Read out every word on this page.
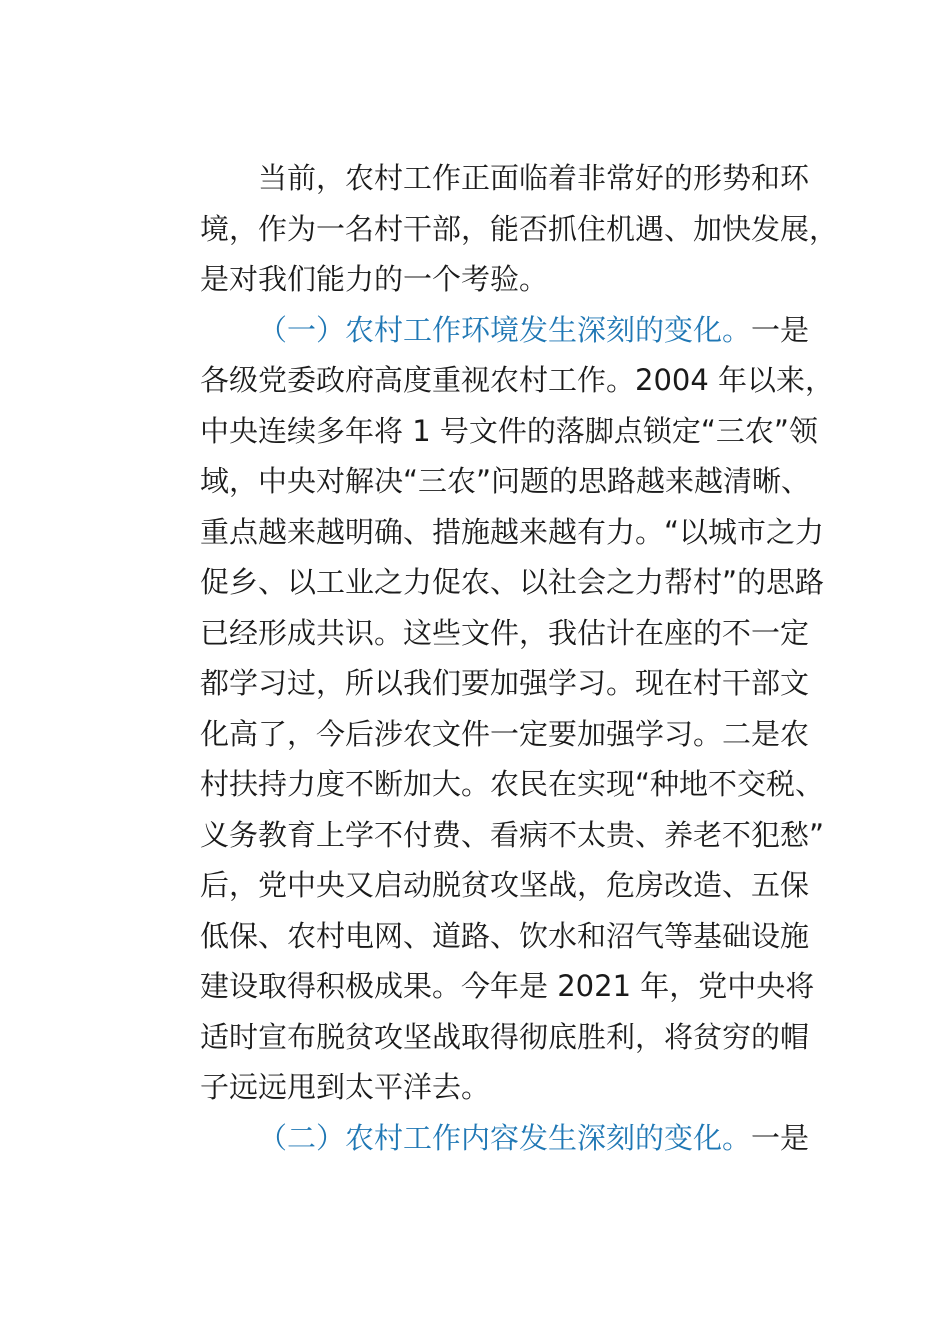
当前，农村工作正面临着非常好的形势和环
境，作为一名村干部，能否抓住机遇、加快发展，
是对我们能力的一个考验。
（一）农村工作环境发生深刻的变化。一是
各级党委政府高度重视农村工作。2004 年以来，
中央连续多年将 1 号文件的落脚点锁定“三农”领
域，中央对解决“三农”问题的思路越来越清晰、
重点越来越明确、措施越来越有力。“以城市之力
促乡、以工业之力促农、以社会之力帮村”的思路
已经形成共识。这些文件，我估计在座的不一定
都学习过，所以我们要加强学习。现在村干部文
化高了，今后涉农文件一定要加强学习。二是农
村扶持力度不断加大。农民在实现“种地不交税、
义务教育上学不付费、看病不太贵、养老不犯愁”
后，党中央又启动脱贫攻坚战，危房改造、五保
低保、农村电网、道路、饮水和沼气等基础设施
建设取得积极成果。今年是 2021 年，党中央将
适时宣布脱贫攻坚战取得彻底胜利，将贫穷的帽
子远远甩到太平洋去。
（二）农村工作内容发生深刻的变化。一是
